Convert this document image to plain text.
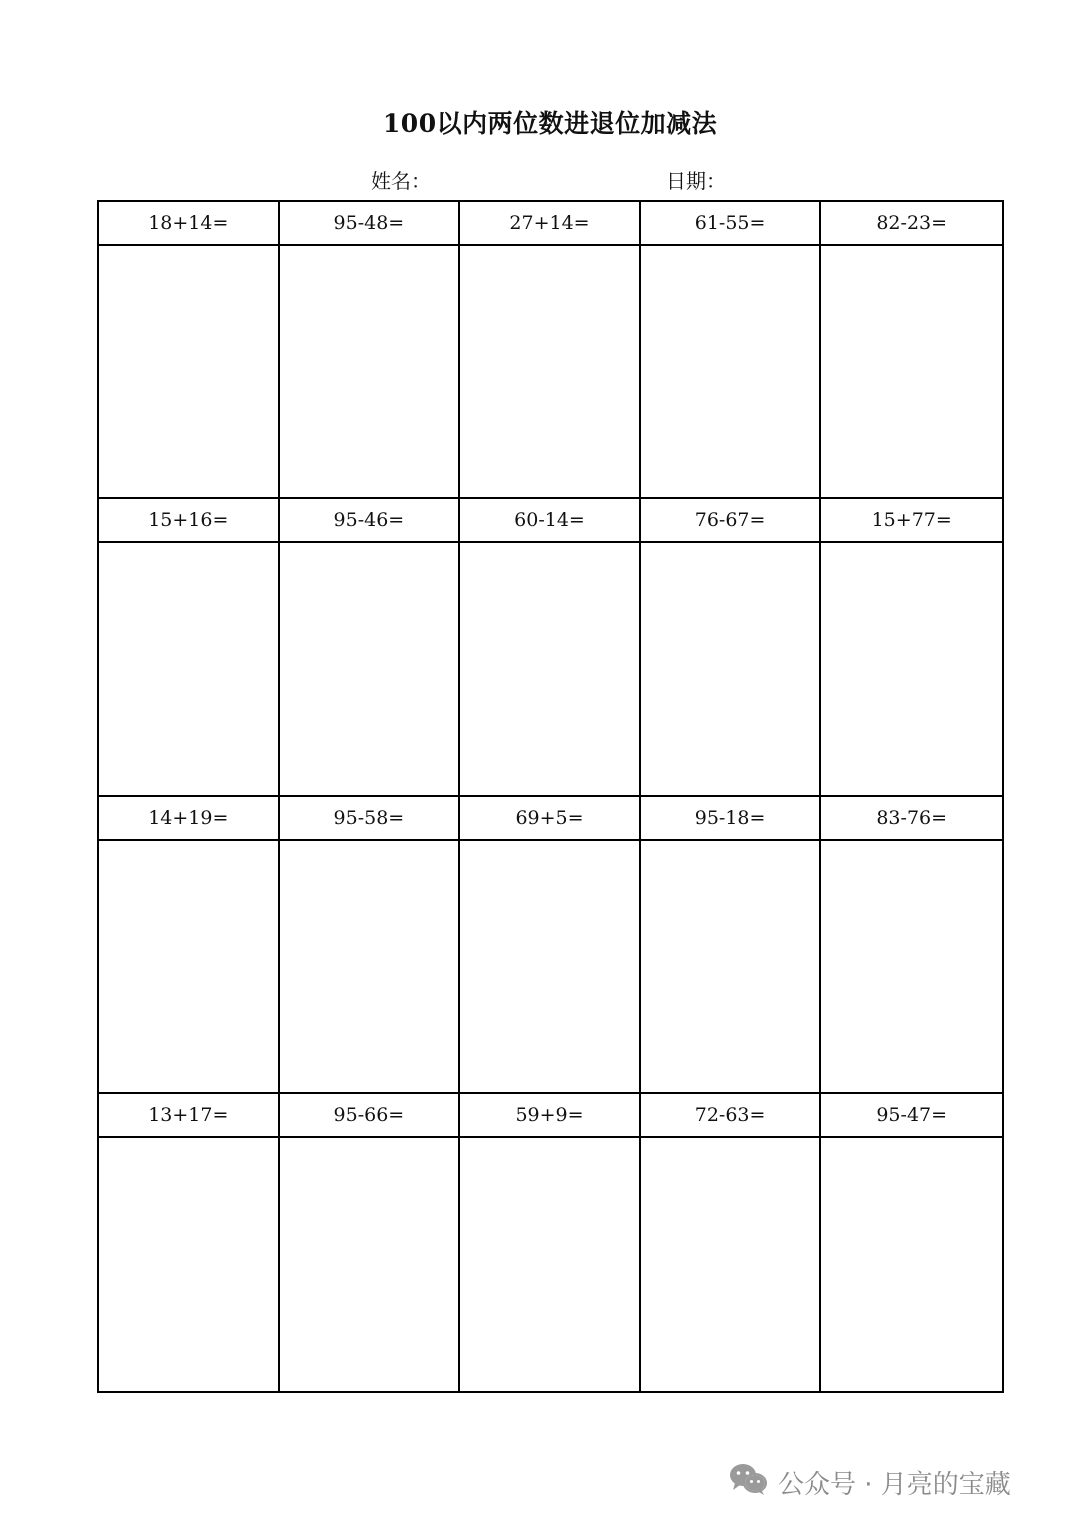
100以内两位数进退位加减法
姓名：	日期：
18+14=	95-48=	27+14=	61-55=	82-23=
15+16=	95-46=	60-14=	76-67=	15+77=
14+19=	95-58=	69+5=	95-18=	83-76=
13+17=	95-66=	59+9=	72-63=	95-47=
公众号 · 月亮的宝藏
